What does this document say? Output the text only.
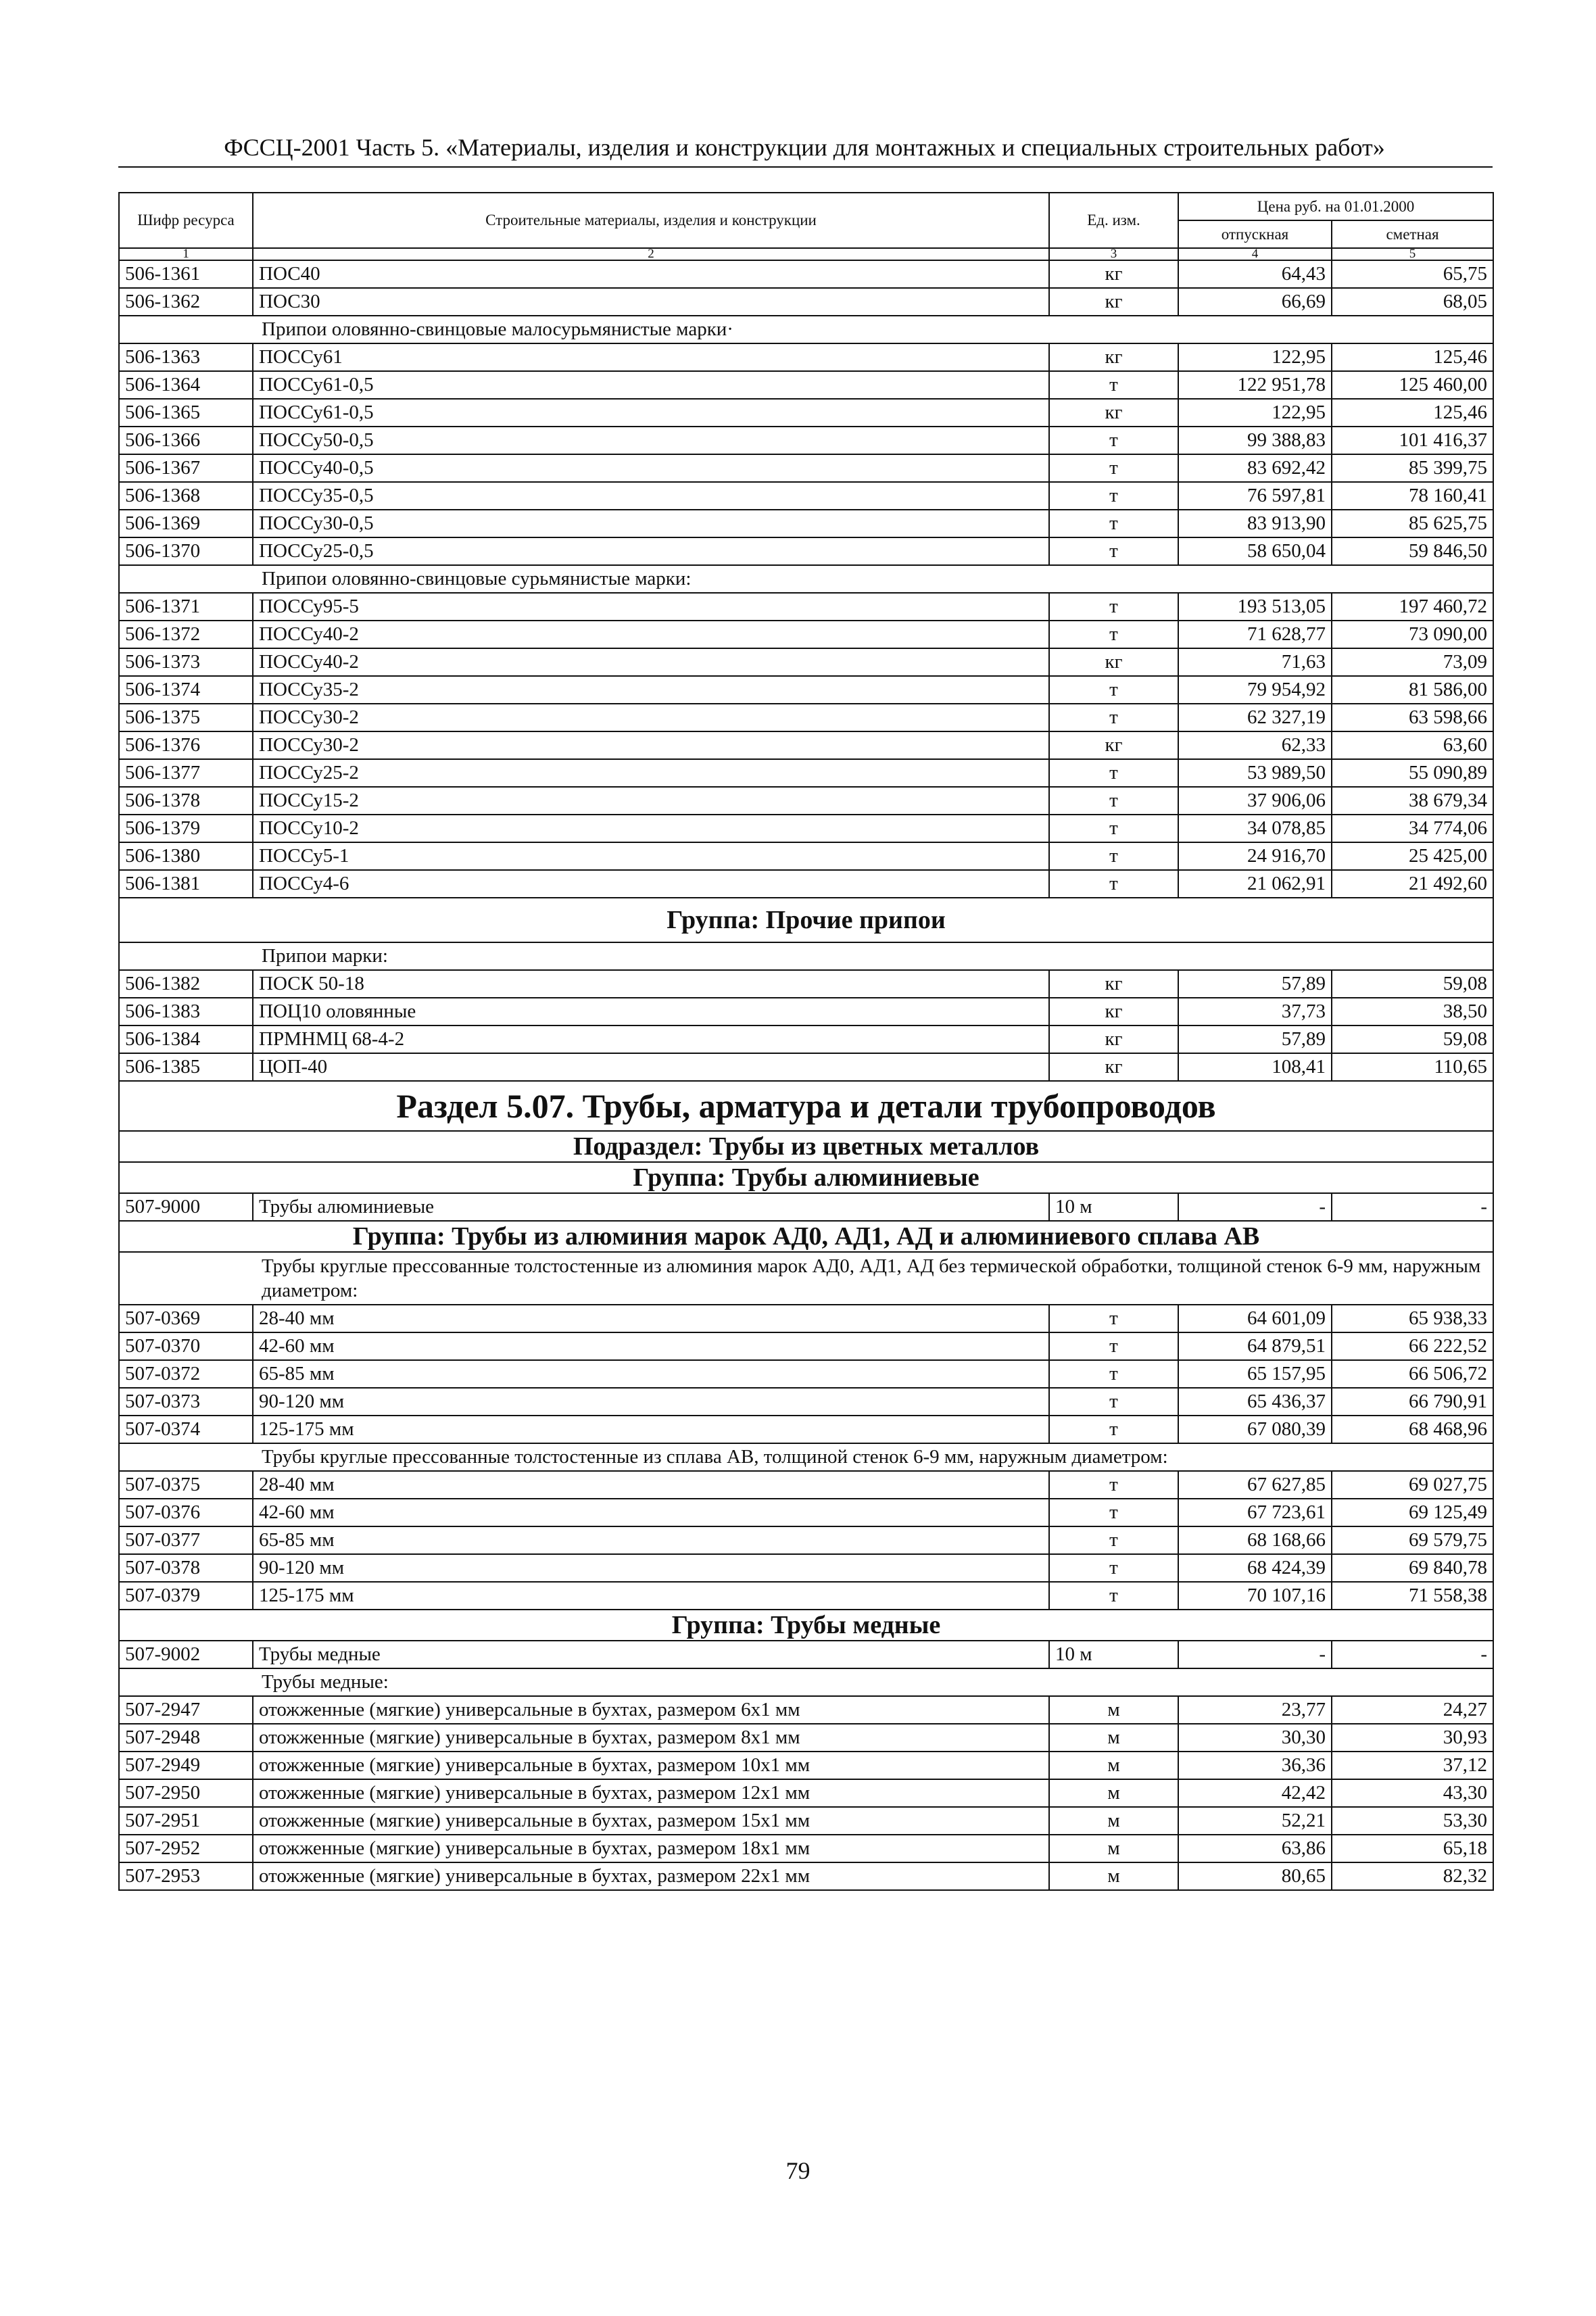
ФССЦ-2001 Часть 5. «Материалы, изделия и конструкции для монтажных и специальных строительных работ»
Шифр ресурса	Строительные материалы, изделия и конструкции	Ед. изм.	Цена руб. на 01.01.2000	
			отпускная	сметная
1	2	3	4	5
506-1361	ПОС40	кг	64,43	65,75
506-1362	ПОС30	кг	66,69	68,05
Припои оловянно-свинцовые малосурьмянистые марки·				
506-1363	ПОССу61	кг	122,95	125,46
506-1364	ПОССу61-0,5	т	122 951,78	125 460,00
506-1365	ПОССу61-0,5	кг	122,95	125,46
506-1366	ПОССу50-0,5	т	99 388,83	101 416,37
506-1367	ПОССу40-0,5	т	83 692,42	85 399,75
506-1368	ПОССу35-0,5	т	76 597,81	78 160,41
506-1369	ПОССу30-0,5	т	83 913,90	85 625,75
506-1370	ПОССу25-0,5	т	58 650,04	59 846,50
Припои оловянно-свинцовые сурьмянистые марки:				
506-1371	ПОССу95-5	т	193 513,05	197 460,72
506-1372	ПОССу40-2	т	71 628,77	73 090,00
506-1373	ПОССу40-2	кг	71,63	73,09
506-1374	ПОССу35-2	т	79 954,92	81 586,00
506-1375	ПОССу30-2	т	62 327,19	63 598,66
506-1376	ПОССу30-2	кг	62,33	63,60
506-1377	ПОССу25-2	т	53 989,50	55 090,89
506-1378	ПОССу15-2	т	37 906,06	38 679,34
506-1379	ПОССу10-2	т	34 078,85	34 774,06
506-1380	ПОССу5-1	т	24 916,70	25 425,00
506-1381	ПОССу4-6	т	21 062,91	21 492,60
Группа: Прочие припои				
Припои марки:				
506-1382	ПОСК 50-18	кг	57,89	59,08
506-1383	ПОЦ10 оловянные	кг	37,73	38,50
506-1384	ПРМНМЦ 68-4-2	кг	57,89	59,08
506-1385	ЦОП-40	кг	108,41	110,65
Раздел 5.07. Трубы, арматура и детали трубопроводов				
Подраздел: Трубы из цветных металлов				
Группа: Трубы алюминиевые				
507-9000	Трубы алюминиевые	10 м	-	-
Группа: Трубы из алюминия марок АД0, АД1, АД и алюминиевого сплава АВ				
Трубы круглые прессованные толстостенные из алюминия марок АД0, АД1, АД без термической обработки, толщиной стенок 6-9 мм, наружным диаметром:				
507-0369	28-40 мм	т	64 601,09	65 938,33
507-0370	42-60 мм	т	64 879,51	66 222,52
507-0372	65-85 мм	т	65 157,95	66 506,72
507-0373	90-120 мм	т	65 436,37	66 790,91
507-0374	125-175 мм	т	67 080,39	68 468,96
Трубы круглые прессованные толстостенные из сплава АВ, толщиной стенок 6-9 мм, наружным диаметром:				
507-0375	28-40 мм	т	67 627,85	69 027,75
507-0376	42-60 мм	т	67 723,61	69 125,49
507-0377	65-85 мм	т	68 168,66	69 579,75
507-0378	90-120 мм	т	68 424,39	69 840,78
507-0379	125-175 мм	т	70 107,16	71 558,38
Группа: Трубы медные				
507-9002	Трубы медные	10 м	-	-
Трубы медные:				
507-2947	отожженные (мягкие) универсальные в бухтах, размером 6х1 мм	м	23,77	24,27
507-2948	отожженные (мягкие) универсальные в бухтах, размером 8х1 мм	м	30,30	30,93
507-2949	отожженные (мягкие) универсальные в бухтах, размером 10х1 мм	м	36,36	37,12
507-2950	отожженные (мягкие) универсальные в бухтах, размером 12х1 мм	м	42,42	43,30
507-2951	отожженные (мягкие) универсальные в бухтах, размером 15х1 мм	м	52,21	53,30
507-2952	отожженные (мягкие) универсальные в бухтах, размером 18х1 мм	м	63,86	65,18
507-2953	отожженные (мягкие) универсальные в бухтах, размером 22х1 мм	м	80,65	82,32
79
